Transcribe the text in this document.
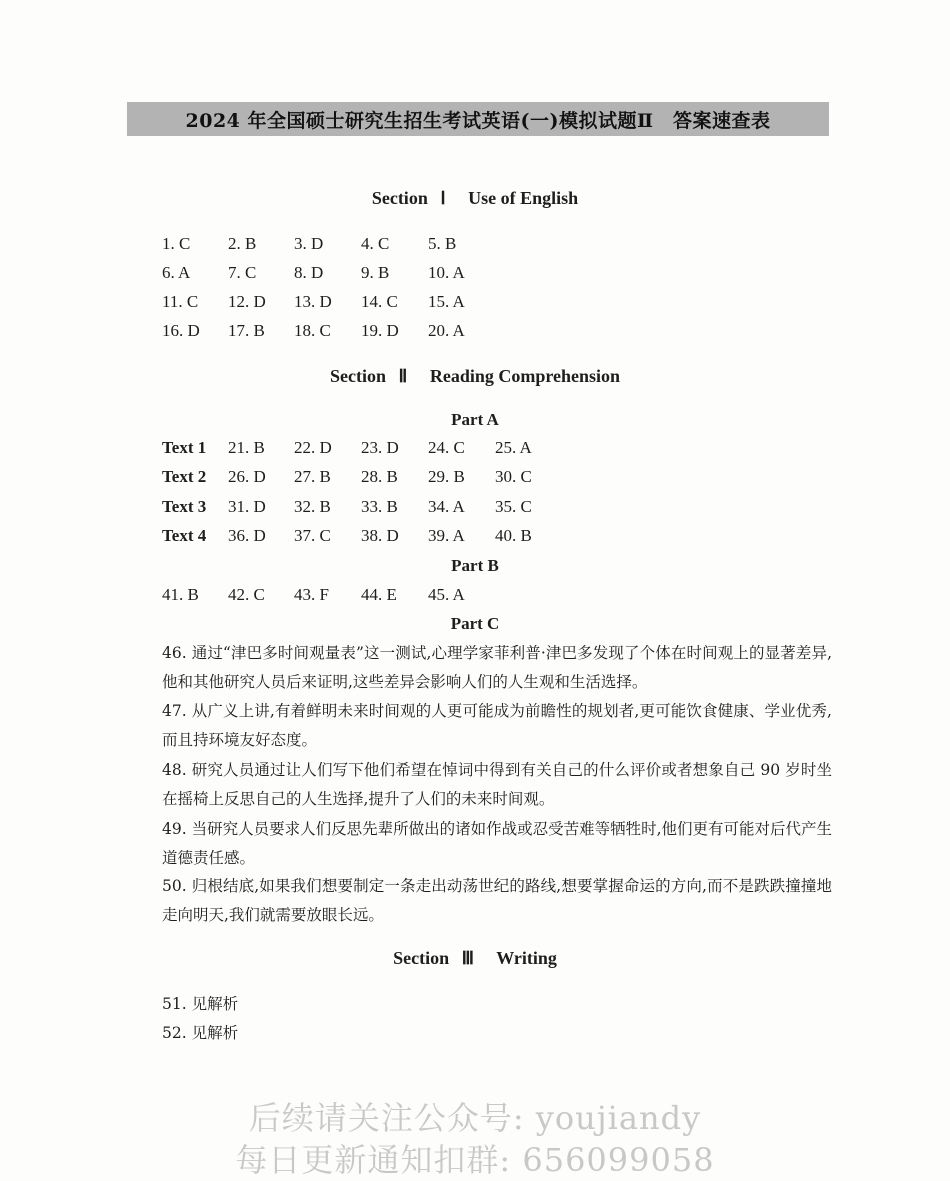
2024 年全国硕士研究生招生考试英语(一)模拟试题Ⅱ　答案速查表
Section Ⅰ Use of English
1. C 2. B 3. D 4. C 5. B
6. A 7. C 8. D 9. B 10. A
11. C 12. D 13. D 14. C 15. A
16. D 17. B 18. C 19. D 20. A
Section Ⅱ Reading Comprehension
Part A
Text 1 21. B 22. D 23. D 24. C 25. A
Text 2 26. D 27. B 28. B 29. B 30. C
Text 3 31. D 32. B 33. B 34. A 35. C
Text 4 36. D 37. C 38. D 39. A 40. B
Part B
41. B 42. C 43. F 44. E 45. A
Part C
46. 通过“津巴多时间观量表”这一测试,心理学家菲利普·津巴多发现了个体在时间观上的显著差异,他和其他研究人员后来证明,这些差异会影响人们的人生观和生活选择。
47. 从广义上讲,有着鲜明未来时间观的人更可能成为前瞻性的规划者,更可能饮食健康、学业优秀,而且持环境友好态度。
48. 研究人员通过让人们写下他们希望在悼词中得到有关自己的什么评价或者想象自己 90 岁时坐在摇椅上反思自己的人生选择,提升了人们的未来时间观。
49. 当研究人员要求人们反思先辈所做出的诸如作战或忍受苦难等牺牲时,他们更有可能对后代产生道德责任感。
50. 归根结底,如果我们想要制定一条走出动荡世纪的路线,想要掌握命运的方向,而不是跌跌撞撞地走向明天,我们就需要放眼长远。
Section Ⅲ Writing
51. 见解析
52. 见解析
后续请关注公众号: youjiandy
每日更新通知扣群: 656099058
